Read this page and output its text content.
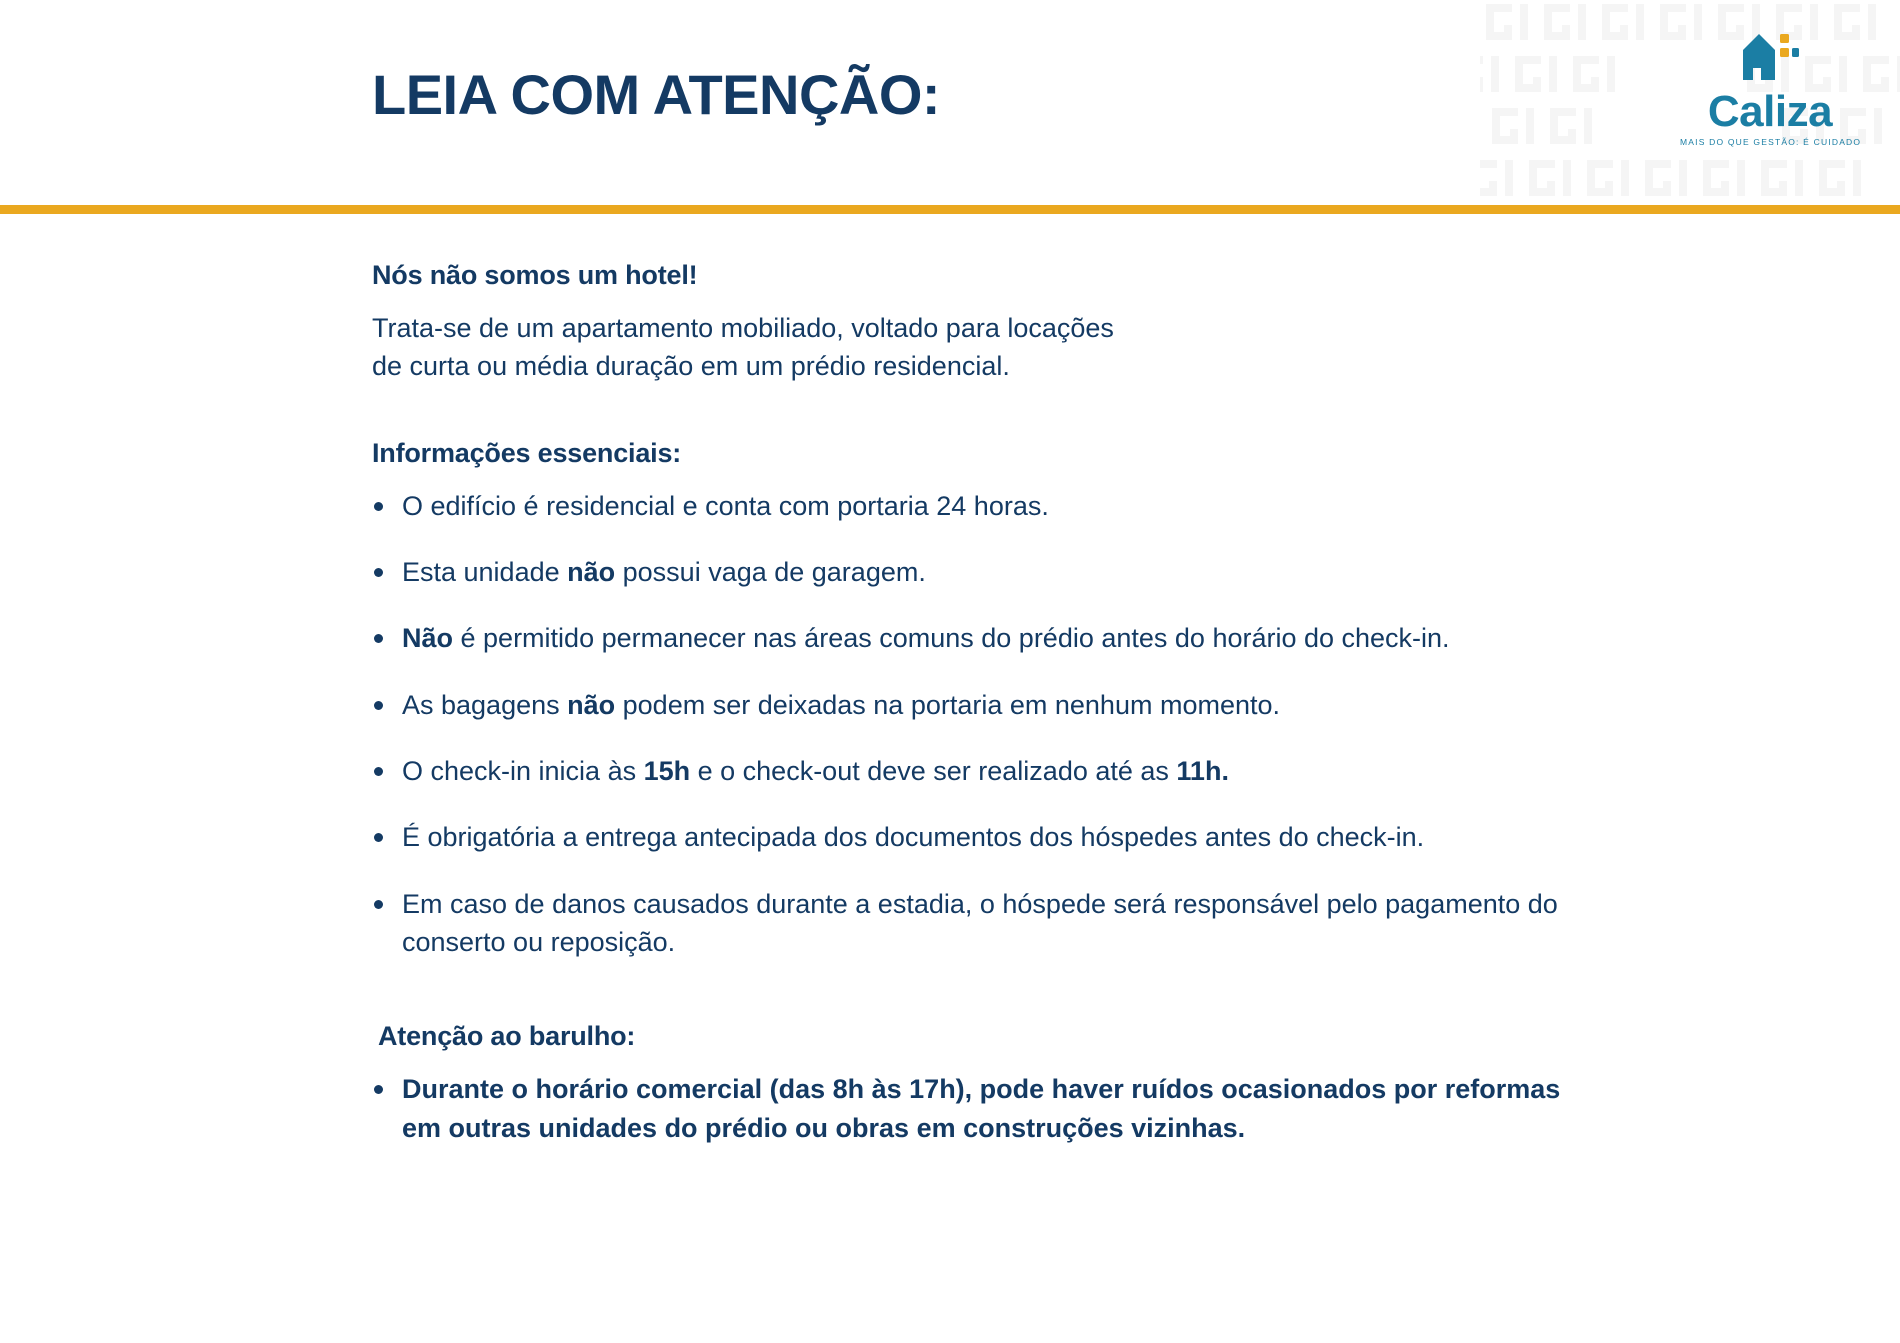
LEIA COM ATENÇÃO:	Caliza
MAIS DO QUE GESTÃO: É CUIDADO
Nós não somos um hotel!
Trata-se de um apartamento mobiliado, voltado para locações
de curta ou média duração em um prédio residencial.
Informações essenciais:
O edifício é residencial e conta com portaria 24 horas.
Esta unidade não possui vaga de garagem.
Não é permitido permanecer nas áreas comuns do prédio antes do horário do check-in.
As bagagens não podem ser deixadas na portaria em nenhum momento.
O check-in inicia às 15h e o check-out deve ser realizado até as 11h.
É obrigatória a entrega antecipada dos documentos dos hóspedes antes do check-in.
Em caso de danos causados durante a estadia, o hóspede será responsável pelo pagamento do conserto ou reposição.
Atenção ao barulho:
Durante o horário comercial (das 8h às 17h), pode haver ruídos ocasionados por reformas em outras unidades do prédio ou obras em construções vizinhas.
